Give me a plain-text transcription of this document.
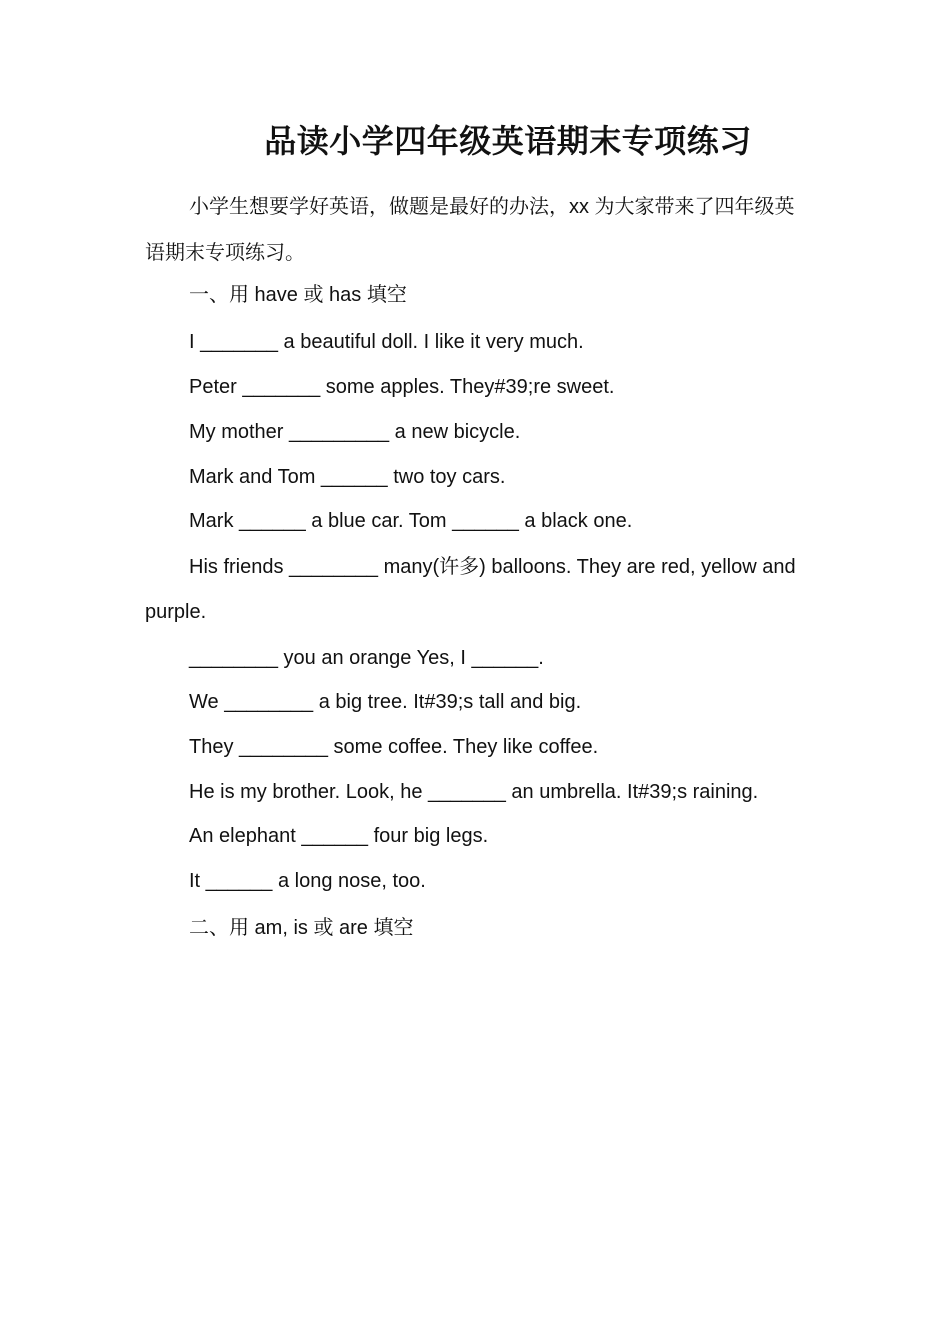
品读小学四年级英语期末专项练习
小学生想要学好英语，做题是最好的办法，xx 为大家带来了四年级英语期末专项练习。
一、用 have 或 has 填空
I _______ a beautiful doll. I like it very much.
Peter _______ some apples. They#39;re sweet.
My mother _________ a new bicycle.
Mark and Tom ______ two toy cars.
Mark ______ a blue car. Tom ______ a black one.
His friends ________ many(许多) balloons. They are red, yellow and purple.
________ you an orange Yes, I ______.
We ________ a big tree. It#39;s tall and big.
They ________ some coffee. They like coffee.
He is my brother. Look, he _______ an umbrella. It#39;s raining.
An elephant ______ four big legs.
It ______ a long nose, too.
二、用 am, is 或 are 填空
